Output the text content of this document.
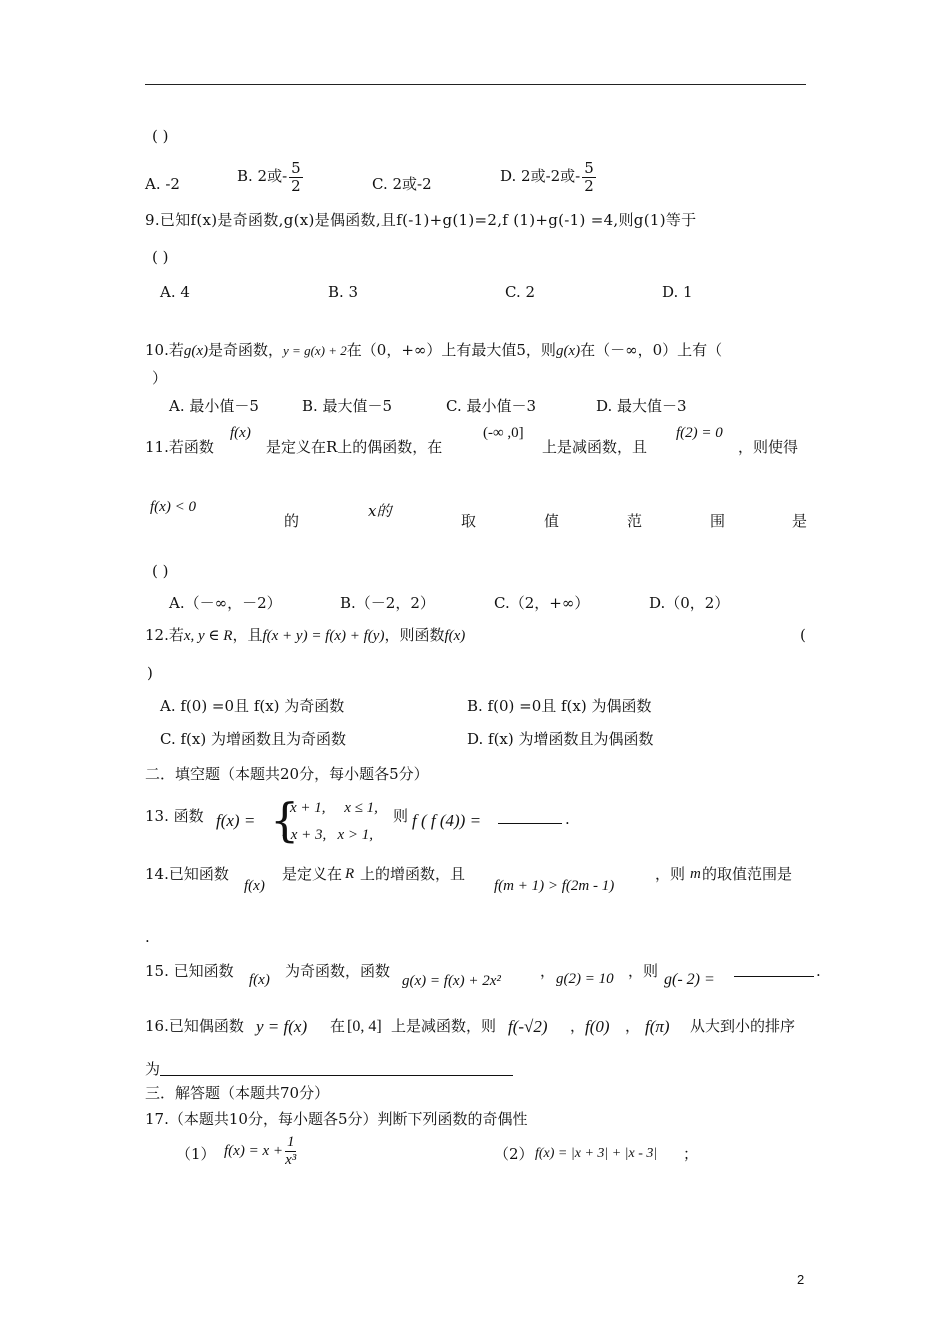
( )
A. -2	B. 2或- $\frac{5}{2}$	C. 2或-2	D. 2或-2或- $\frac{5}{2}$
9.已知f(x)是奇函数,g(x)是偶函数,且f(-1)+g(1)=2,f (1)+g(-1) =4,则g(1)等于
( )
A. 4	B. 3	C. 2	D. 1
10.若g(x)是奇函数，y = g(x) + 2在（0，+∞）上有最大值5，则g(x)在（－∞，0）上有（
）
A. 最小值－5	B. 最大值－5	C. 最小值－3	D. 最大值－3
11.若函数
f(x)
是定义在R上的偶函数，在
(-∞ ,0]
上是减函数，且
f(2) = 0
，则使得
f(x) < 0
的
x的
取	值	范	围	是
( )
A.（－∞，－2）	B.（－2，2）	C.（2，+∞）	D.（0，2）
12.若x, y ∈ R，且f(x + y) = f(x) + f(y)，则函数f(x)	(
)
A. f(0) =0且 f(x) 为奇函数	B. f(0) =0且 f(x) 为偶函数
C. f(x) 为增函数且为奇函数	D. f(x) 为增函数且为偶函数
二．填空题（本题共20分，每小题各5分）
13. 函数 f(x) = {
x + 1,     x ≤ 1,
- x + 3,   x > 1,
则 f ( f (4)) =	.
14.已知函数
f(x)
是定义在 R 上的增函数，且
f(m + 1) > f(2m - 1)
，则 m 的取值范围是
.
15. 已知函数 f(x) 为奇函数，函数
g(x) = f(x) + 2x²
， g(2) = 10 ，则 g(- 2) =	.
16.已知偶函数 y = f(x) 在 [0, 4] 上是减函数，则 f(-√2) ， f(0) ， f(π) 从大到小的排序
为
三．解答题（本题共70分）
17.（本题共10分，每小题各5分）判断下列函数的奇偶性
（1） $f(x) = x + \frac{1}{\text{x³}}$	（2） f(x) = |x + 3| + |x - 3| ；
2
